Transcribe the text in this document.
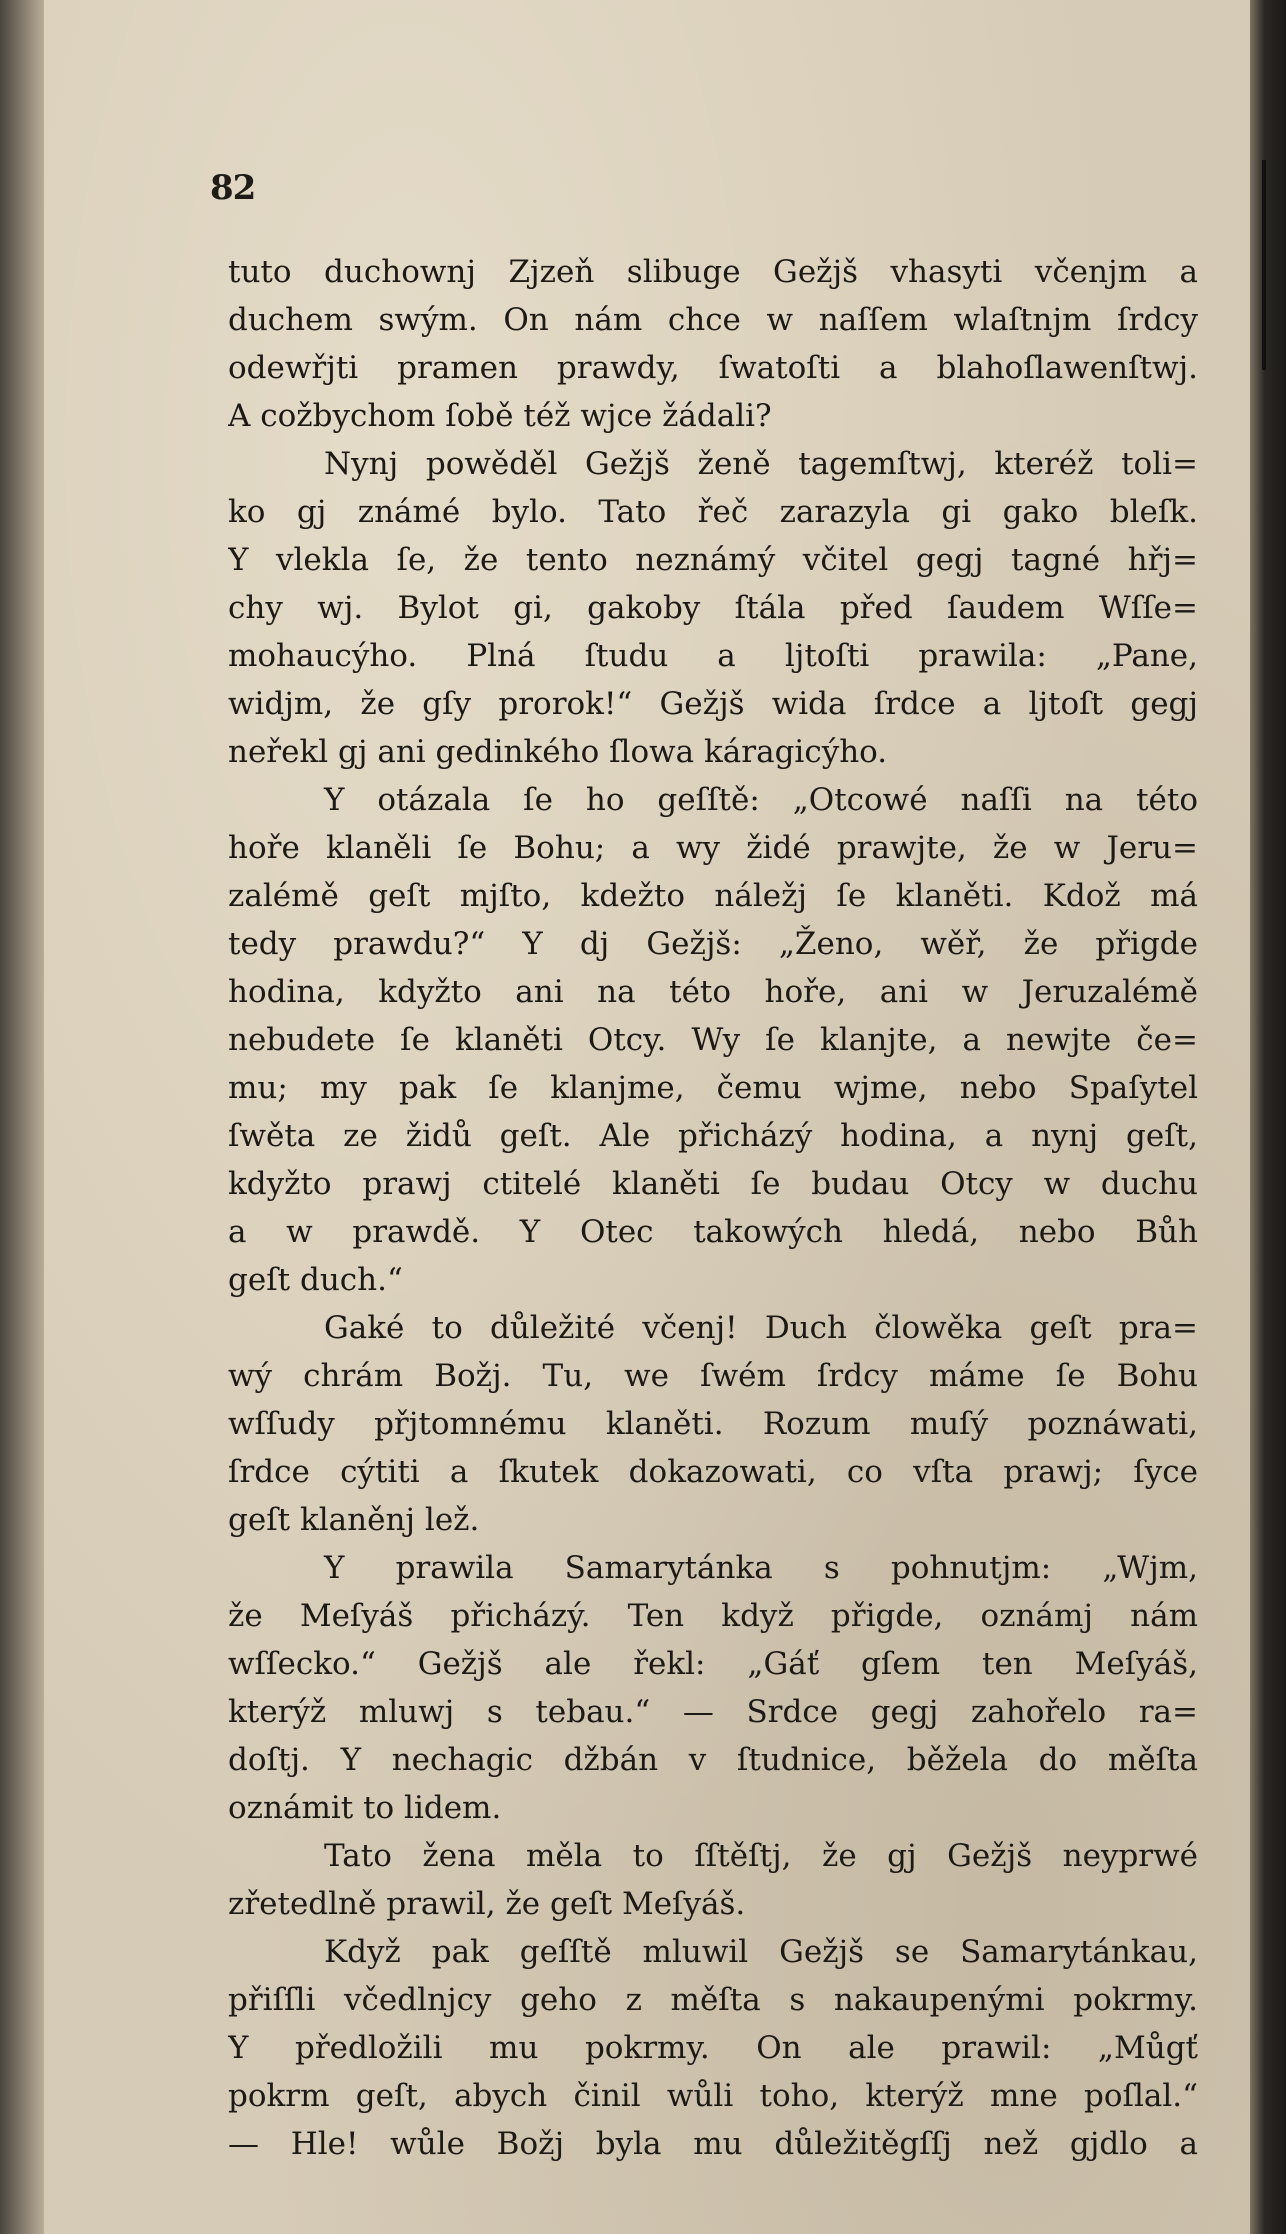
82
tuto duchownj Zjzeň slibuge Gežjš vhasyti včenjm a
duchem swým. On nám chce w naſſem wlaſtnjm ſrdcy
odewřjti pramen prawdy, ſwatoſti a blahoſlawenſtwj.
A cožbychom ſobě též wjce žádali?
Nynj powěděl Gežjš ženě tagemſtwj, kteréž toli=
ko gj známé bylo. Tato řeč zarazyla gi gako bleſk.
Y vlekla ſe, že tento neznámý včitel gegj tagné hřj=
chy wj. Bylot gi, gakoby ſtála před ſaudem Wſſe=
mohaucýho. Plná ſtudu a ljtoſti prawila: „Pane,
widjm, že gſy prorok!“ Gežjš wida ſrdce a ljtoſt gegj
neřekl gj ani gedinkého ſlowa káragicýho.
Y otázala ſe ho geſſtě: „Otcowé naſſi na této
hoře klaněli ſe Bohu; a wy židé prawjte, že w Jeru=
zalémě geſt mjſto, kdežto náležj ſe klaněti. Kdož má
tedy prawdu?“ Y dj Gežjš: „Ženo, wěř, že přigde
hodina, kdyžto ani na této hoře, ani w Jeruzalémě
nebudete ſe klaněti Otcy. Wy ſe klanjte, a newjte če=
mu; my pak ſe klanjme, čemu wjme, nebo Spaſytel
ſwěta ze židů geſt. Ale přicházý hodina, a nynj geſt,
kdyžto prawj ctitelé klaněti ſe budau Otcy w duchu
a w prawdě. Y Otec takowých hledá, nebo Bůh
geſt duch.“
Gaké to důležité včenj! Duch člowěka geſt pra=
wý chrám Božj. Tu, we ſwém ſrdcy máme ſe Bohu
wſſudy přjtomnému klaněti. Rozum muſý poznáwati,
ſrdce cýtiti a ſkutek dokazowati, co vſta prawj; ſyce
geſt klaněnj lež.
Y prawila Samarytánka s pohnutjm: „Wjm,
že Meſyáš přicházý. Ten když přigde, oznámj nám
wſſecko.“ Gežjš ale řekl: „Gáť gſem ten Meſyáš,
kterýž mluwj s tebau.“ — Srdce gegj zahořelo ra=
doſtj. Y nechagic džbán v ſtudnice, běžela do měſta
oznámit to lidem.
Tato žena měla to ſſtěſtj, že gj Gežjš neyprwé
zřetedlně prawil, že geſt Meſyáš.
Když pak geſſtě mluwil Gežjš se Samarytánkau,
přiſſli včedlnjcy geho z měſta s nakaupenými pokrmy.
Y předložili mu pokrmy. On ale prawil: „Můgť
pokrm geſt, abych činil wůli toho, kterýž mne poſlal.“
— Hle! wůle Božj byla mu důležitěgſſj než gjdlo a
